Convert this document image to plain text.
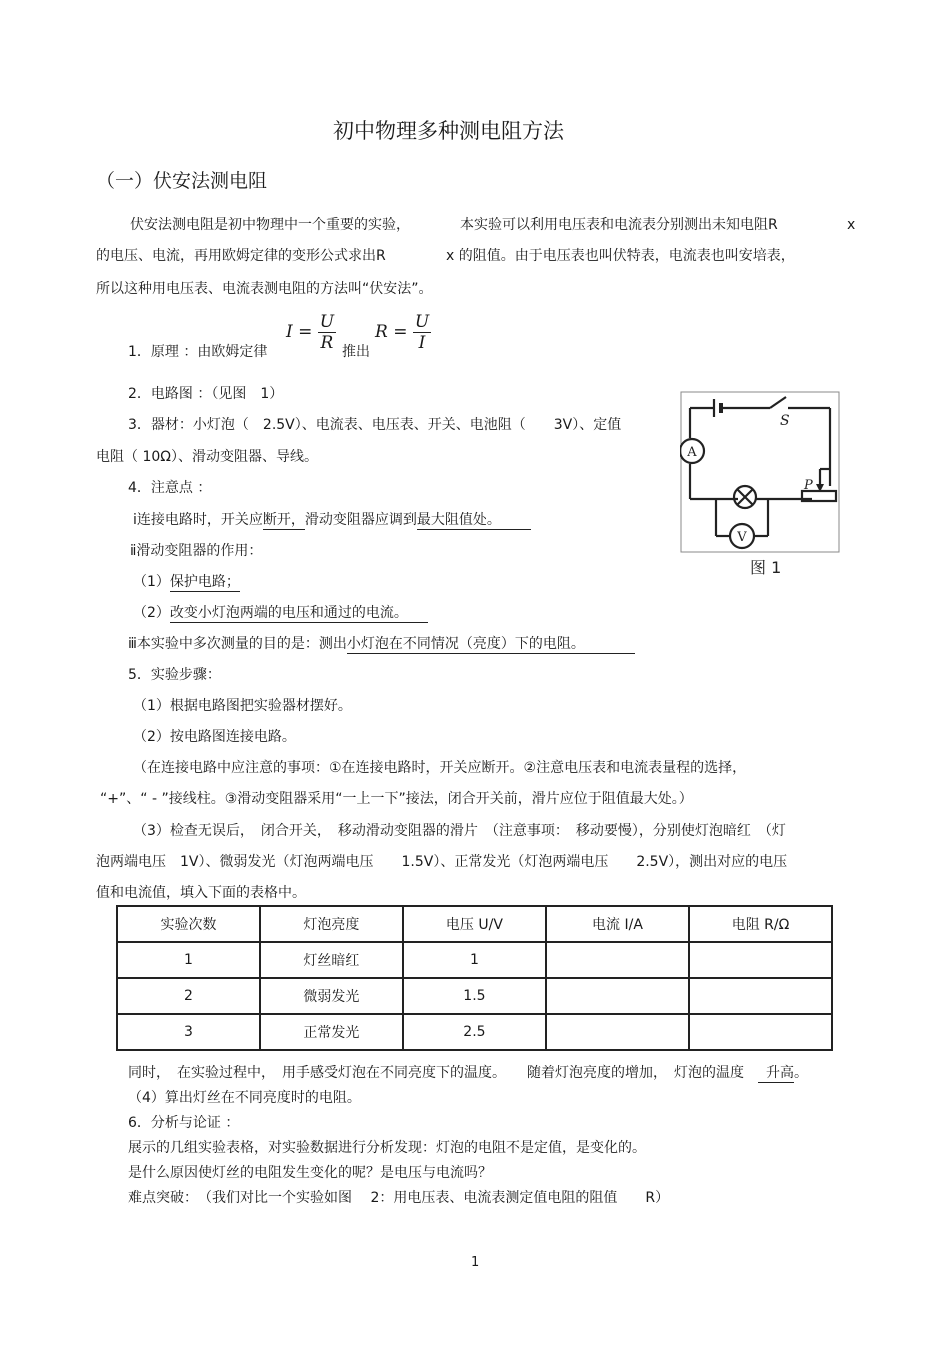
初中物理多种测电阻方法
（一）伏安法测电阻
伏安法测电阻是初中物理中一个重要的实验，	本实验可以利用电压表和电流表分别测出未知电阻R	x
的电压、电流，再用欧姆定律的变形公式求出R	x 的阻值。由于电压表也叫伏特表，电流表也叫安培表，
所以这种用电压表、电流表测电阻的方法叫“伏安法”。
1．原理 ：由欧姆定律
$I = \frac{U}{R}$ 推出
$R = \frac{U}{I}$
2．电路图 ：（见图　1）
3．器材：小灯泡（　2.5V）、电流表、电压表、开关、电池阻（　　3V）、定值
电阻（ 10Ω）、滑动变阻器、导线。
4．注意点 ：
ⅰ连接电路时，开关应断开，滑动变阻器应调到最大阻值处。
ⅱ滑动变阻器的作用：
（1）保护电路；
（2）改变小灯泡两端的电压和通过的电流。
ⅲ本实验中多次测量的目的是：测出小灯泡在不同情况（亮度）下的电阻。
5．实验步骤：
（1）根据电路图把实验器材摆好。
（2）按电路图连接电路。
（在连接电路中应注意的事项：①在连接电路时，开关应断开。②注意电压表和电流表量程的选择，
“+”、“ - ”接线柱。③滑动变阻器采用“一上一下”接法，闭合开关前，滑片应位于阻值最大处。）
（3）检查无误后，　闭合开关，　移动滑动变阻器的滑片　（注意事项：　移动要慢），分别使灯泡暗红　（灯
泡两端电压　1V）、微弱发光（灯泡两端电压　　1.5V）、正常发光（灯泡两端电压　　2.5V），测出对应的电压
值和电流值，填入下面的表格中。
实验次数	灯泡亮度	电压 U/V	电流 I/A	电阻 R/Ω
1	灯丝暗红	1		
2	微弱发光	1.5		
3	正常发光	2.5		
同时，　在实验过程中，　用手感受灯泡在不同亮度下的温度。　　随着灯泡亮度的增加，　灯泡的温度　升高。
（4）算出灯丝在不同亮度时的电阻。
6．分析与论证 ：
展示的几组实验表格，对实验数据进行分析发现：灯泡的电阻不是定值，是变化的。
是什么原因使灯丝的电阻发生变化的呢？是电压与电流吗？
难点突破：　（我们对比一个实验如图　 2：用电压表、电流表测定值电阻的阻值　　R）
1
A
V
S
P
图 1
